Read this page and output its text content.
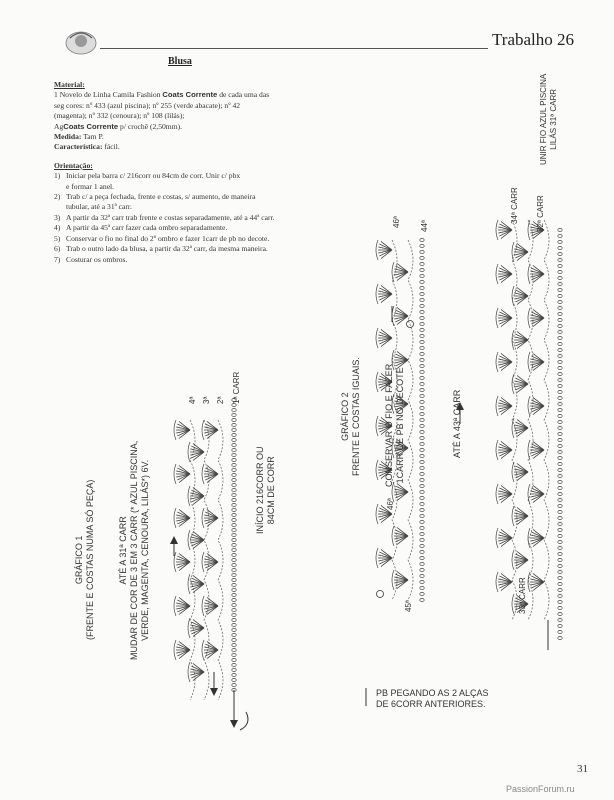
Trabalho 26
Blusa
Material:
1 Novelo de Linha Camila Fashion Coats Corrente de cada uma das
seg cores: nº 433 (azul piscina); nº 255 (verde abacate); nº 42
(magenta); nº 332 (cenoura); nº 108 (lilás);
AgCoats Corrente p/ crochê (2,50mm).
Medida: Tam P.
Característica: fácil.
Orientação:
1) Iniciar pela barra c/ 216corr ou 84cm de corr. Unir c/ pbx
e formar 1 anel.
2) Trab c/ a peça fechada, frente e costas, s/ aumento, de maneira
tubular, até a 31ª carr.
3) A partir da 32ª carr trab frente e costas separadamente, até a 44ª carr.
4) A partir da 45ª carr fazer cada ombro separadamente.
5) Conservar o fio no final do 2º ombro e fazer 1carr de pb no decote.
6) Trab o outro lado da blusa, a partir da 32ª carr, da mesma maneira.
7) Costurar os ombros.
GRÁFICO 1 (FRENTE E COSTAS NUMA SÓ PEÇA)	ATÉ A 31ª CARR MUDAR DE COR DE 3 EM 3 CARR (* AZUL PISCINA, VERDE, MAGENTA, CENOURA, LILÁS*) 6V.	INÍCIO 216CORR OU 84CM DE CORR
4ª 3ª 2ª 1ª CARR
GRÁFICO 2 FRENTE E COSTAS IGUAIS.	CONSERVAR O FIO E FAZER 1CARR DE PB NO DECOTE	ATÉ A 43ª CARR
46ª 44ª
46ª
45ª
34ª CARR 32ª CARR
33ª CARR
UNIR FIO AZUL PISCINA LILÁS 31ª CARR
PB PEGANDO AS 2 ALÇAS
DE 6CORR ANTERIORES.
31
PassionForum.ru
